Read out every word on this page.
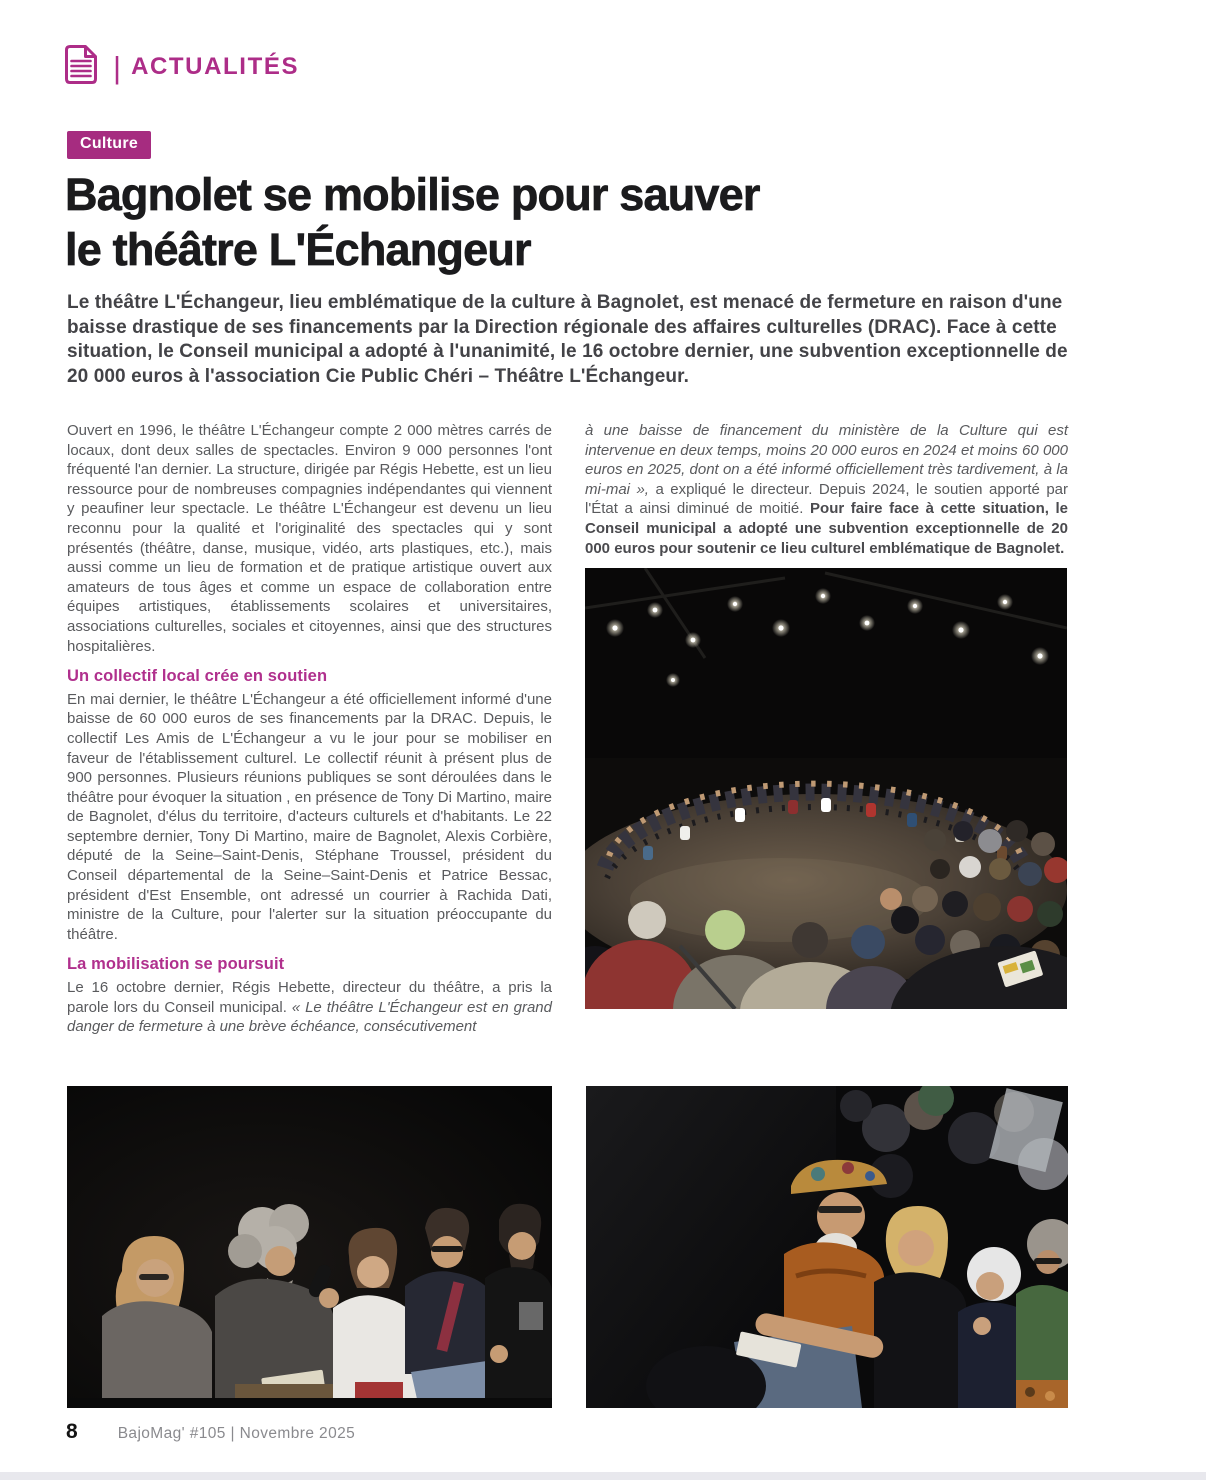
| ACTUALITÉS
Culture
Bagnolet se mobilise pour sauver
le théâtre L'Échangeur

Le théâtre L'Échangeur, lieu emblématique de la culture à Bagnolet, est menacé de fermeture en raison d'une baisse drastique de ses financements par la Direction régionale des affaires culturelles (DRAC). Face à cette situation, le Conseil municipal a adopté à l'unanimité, le 16 octobre dernier, une subvention exceptionnelle de 20 000 euros à l'association Cie Public Chéri – Théâtre L'Échangeur.

Ouvert en 1996, le théâtre L'Échangeur compte 2 000 mètres carrés de locaux, dont deux salles de spectacles. Environ 9 000 personnes l'ont fréquenté l'an dernier. La structure, dirigée par Régis Hebette, est un lieu ressource pour de nombreuses compagnies indépendantes qui viennent y peaufiner leur spectacle. Le théâtre L'Échangeur est devenu un lieu reconnu pour la qualité et l'originalité des spectacles qui y sont présentés (théâtre, danse, musique, vidéo, arts plastiques, etc.), mais aussi comme un lieu de formation et de pratique artistique ouvert aux amateurs de tous âges et comme un espace de collaboration entre équipes artistiques, établissements scolaires et universitaires, associations culturelles, sociales et citoyennes, ainsi que des structures hospitalières.

Un collectif local crée en soutien

En mai dernier, le théâtre L'Échangeur a été officiellement informé d'une baisse de 60 000 euros de ses financements par la DRAC. Depuis, le collectif Les Amis de L'Échangeur a vu le jour pour se mobiliser en faveur de l'établissement culturel. Le collectif réunit à présent plus de 900 personnes. Plusieurs réunions publiques se sont déroulées dans le théâtre pour évoquer la situation , en présence de Tony Di Martino, maire de Bagnolet, d'élus du territoire, d'acteurs culturels et d'habitants. Le 22 septembre dernier, Tony Di Martino, maire de Bagnolet, Alexis Corbière, député de la Seine–Saint-Denis, Stéphane Troussel, président du Conseil départemental de la Seine–Saint-Denis et Patrice Bessac, président d'Est Ensemble, ont adressé un courrier à Rachida Dati, ministre de la Culture, pour l'alerter sur la situation préoccupante du théâtre.

La mobilisation se poursuit

Le 16 octobre dernier, Régis Hebette, directeur du théâtre, a pris la parole lors du Conseil municipal. « Le théâtre L'Échangeur est en grand danger de fermeture à une brève échéance, consécutivement

à une baisse de financement du ministère de la Culture qui est intervenue en deux temps, moins 20 000 euros en 2024 et moins 60 000 euros en 2025, dont on a été informé officiellement très tardivement, à la mi-mai », a expliqué le directeur. Depuis 2024, le soutien apporté par l'État a ainsi diminué de moitié. Pour faire face à cette situation, le Conseil municipal a adopté une subvention exceptionnelle de 20 000 euros pour soutenir ce lieu culturel emblématique de Bagnolet.

8	BajoMag' #105 | Novembre 2025
